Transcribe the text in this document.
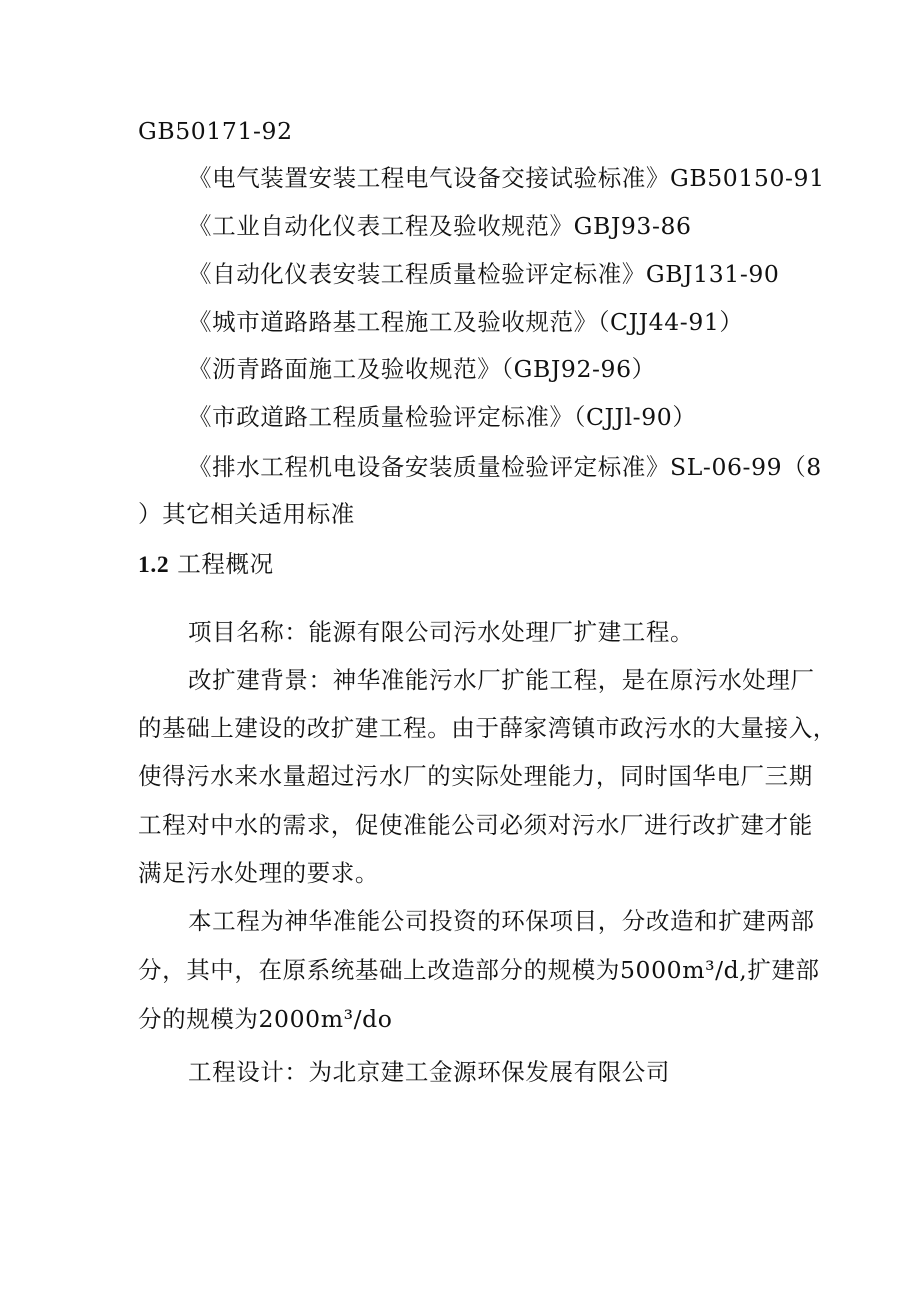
GB50171-92
《电气装置安装工程电气设备交接试验标准》GB50150-91
《工业自动化仪表工程及验收规范》GBJ93-86
《自动化仪表安装工程质量检验评定标准》GBJ131-90
《城市道路路基工程施工及验收规范》（CJJ44-91）
《沥青路面施工及验收规范》（GBJ92-96）
《市政道路工程质量检验评定标准》（CJJl-90）
《排水工程机电设备安装质量检验评定标准》SL-06-99（8
）其它相关适用标准
1.2 工程概况
项目名称：能源有限公司污水处理厂扩建工程。
改扩建背景：神华准能污水厂扩能工程，是在原污水处理厂
的基础上建设的改扩建工程。由于薛家湾镇市政污水的大量接入，
使得污水来水量超过污水厂的实际处理能力，同时国华电厂三期
工程对中水的需求，促使准能公司必须对污水厂进行改扩建才能
满足污水处理的要求。
本工程为神华准能公司投资的环保项目，分改造和扩建两部
分，其中，在原系统基础上改造部分的规模为5000m³/d,扩建部
分的规模为2000m³/do
工程设计：为北京建工金源环保发展有限公司
